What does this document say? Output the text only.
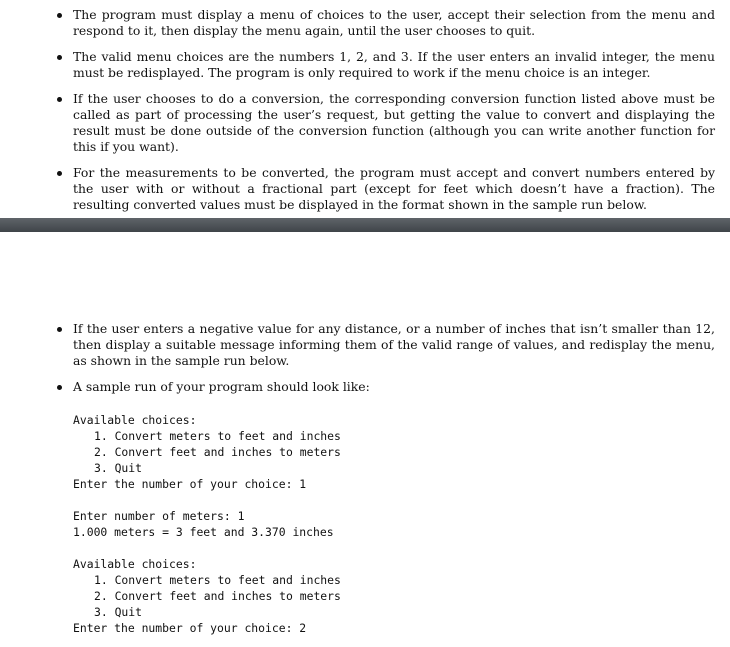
The program must display a menu of choices to the user, accept their selection from the menu and respond to it, then display the menu again, until the user chooses to quit.
The valid menu choices are the numbers 1, 2, and 3. If the user enters an invalid integer, the menu must be redisplayed. The program is only required to work if the menu choice is an integer.
If the user chooses to do a conversion, the corresponding conversion function listed above must be called as part of processing the user’s request, but getting the value to convert and displaying the result must be done outside of the conversion function (although you can write another function for this if you want).
For the measurements to be converted, the program must accept and convert numbers entered by the user with or without a fractional part (except for feet which doesn’t have a fraction). The resulting converted values must be displayed in the format shown in the sample run below.
If the user enters a negative value for any distance, or a number of inches that isn’t smaller than 12, then display a suitable message informing them of the valid range of values, and redisplay the menu, as shown in the sample run below.
A sample run of your program should look like:
Available choices:
1. Convert meters to feet and inches
2. Convert feet and inches to meters
3. Quit
Enter the number of your choice: 1
Enter number of meters: 1
1.000 meters = 3 feet and 3.370 inches
Available choices:
1. Convert meters to feet and inches
2. Convert feet and inches to meters
3. Quit
Enter the number of your choice: 2
